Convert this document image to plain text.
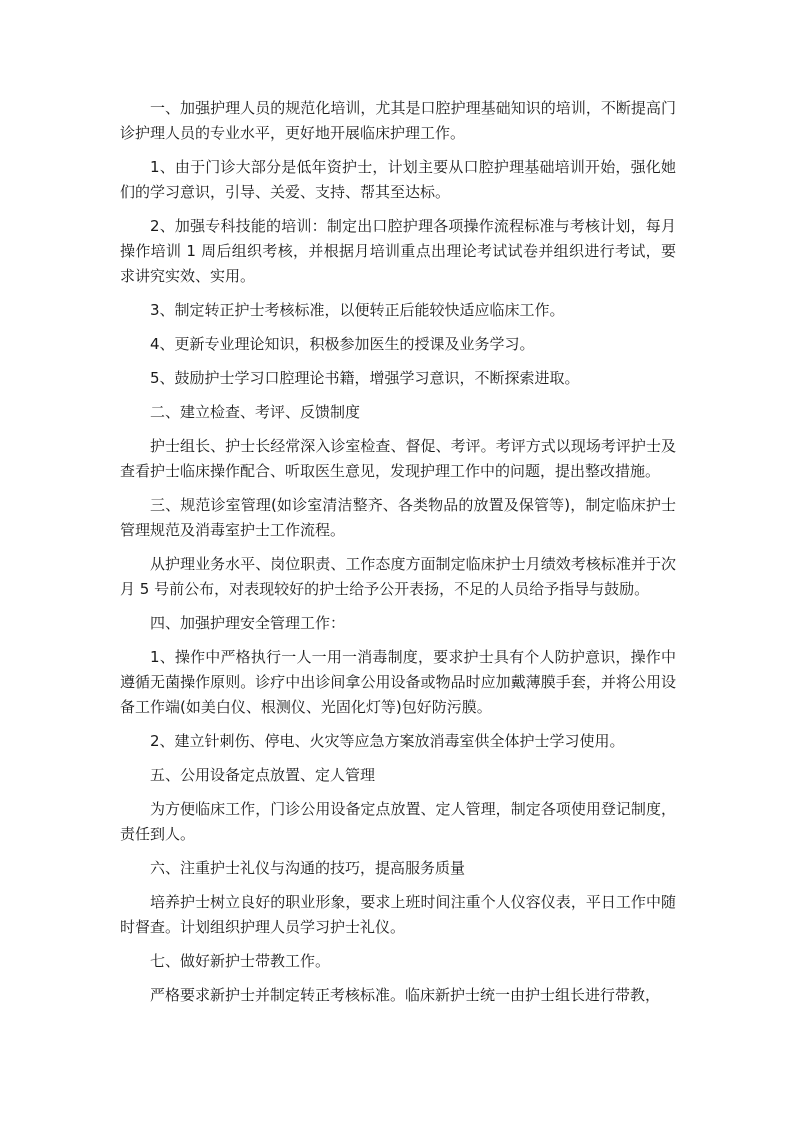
一、加强护理人员的规范化培训，尤其是口腔护理基础知识的培训，不断提高门诊护理人员的专业水平，更好地开展临床护理工作。

1、由于门诊大部分是低年资护士，计划主要从口腔护理基础培训开始，强化她们的学习意识，引导、关爱、支持、帮其至达标。

2、加强专科技能的培训：制定出口腔护理各项操作流程标准与考核计划，每月操作培训 1 周后组织考核，并根据月培训重点出理论考试试卷并组织进行考试，要求讲究实效、实用。

3、制定转正护士考核标准，以便转正后能较快适应临床工作。

4、更新专业理论知识，积极参加医生的授课及业务学习。

5、鼓励护士学习口腔理论书籍，增强学习意识，不断探索进取。

二、建立检查、考评、反馈制度

护士组长、护士长经常深入诊室检查、督促、考评。考评方式以现场考评护士及查看护士临床操作配合、听取医生意见，发现护理工作中的问题，提出整改措施。

三、规范诊室管理(如诊室清洁整齐、各类物品的放置及保管等)，制定临床护士管理规范及消毒室护士工作流程。

从护理业务水平、岗位职责、工作态度方面制定临床护士月绩效考核标准并于次月 5 号前公布，对表现较好的护士给予公开表扬，不足的人员给予指导与鼓励。

四、加强护理安全管理工作：

1、操作中严格执行一人一用一消毒制度，要求护士具有个人防护意识，操作中遵循无菌操作原则。诊疗中出诊间拿公用设备或物品时应加戴薄膜手套，并将公用设备工作端(如美白仪、根测仪、光固化灯等)包好防污膜。

2、建立针刺伤、停电、火灾等应急方案放消毒室供全体护士学习使用。

五、公用设备定点放置、定人管理

为方便临床工作，门诊公用设备定点放置、定人管理，制定各项使用登记制度，责任到人。

六、注重护士礼仪与沟通的技巧，提高服务质量

培养护士树立良好的职业形象，要求上班时间注重个人仪容仪表，平日工作中随时督查。计划组织护理人员学习护士礼仪。

七、做好新护士带教工作。

严格要求新护士并制定转正考核标准。临床新护士统一由护士组长进行带教，
